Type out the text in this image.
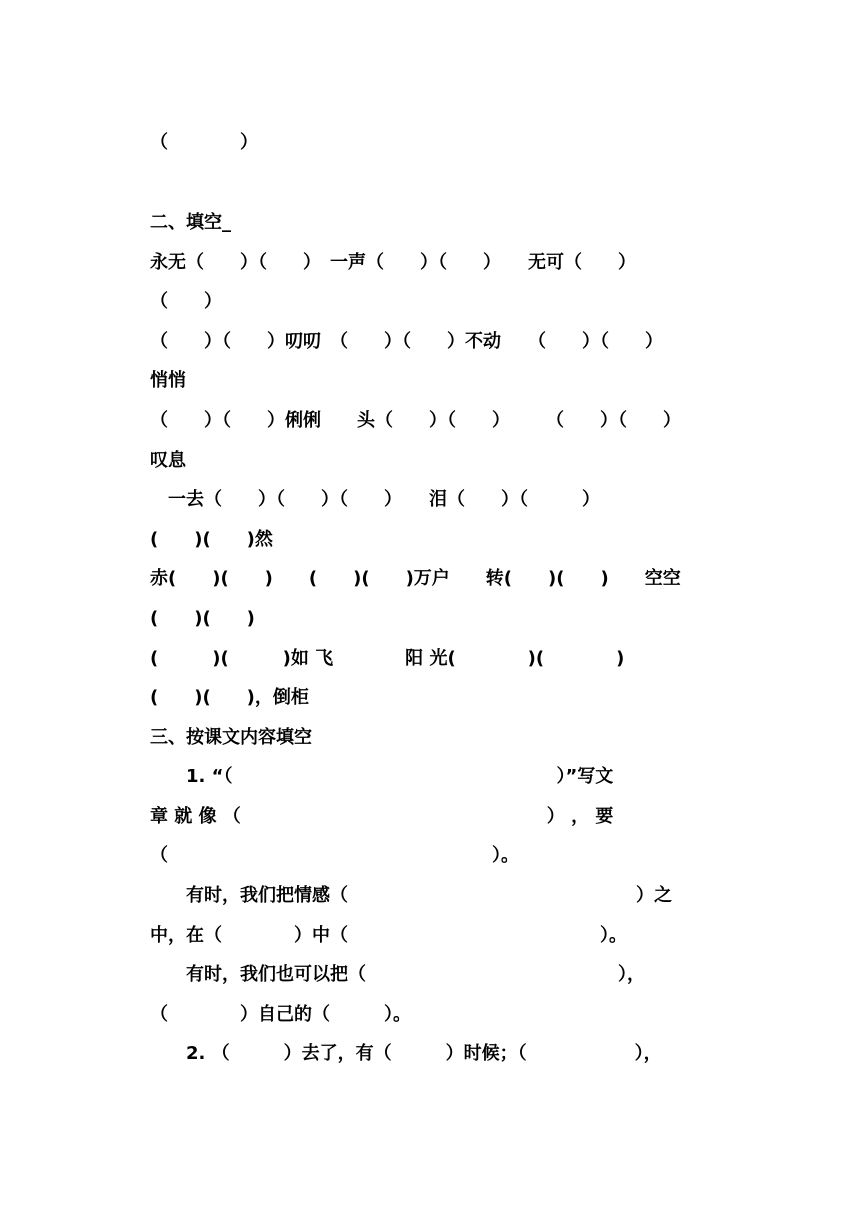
（　　　　）
二、填空_
永无（　　）（　　）　一声（　　）（　　）　　无可（　　）
（　　）
（　　）（　　）叨叨　（　　）（　　）不动　　（　　）（　　）
悄悄
（　　）（　　）俐俐　　头（　　）（　　）　　　（　　）（　　）
叹息
　一去（　　）（　　）（　　）　　泪（　　）（　　　）
(　　)(　　)然
赤(　　)(　　)　　(　　)(　　)万户　　转(　　)(　　)　　空空
(　　)(　　)
(　　　)(　　　)如 飞　　　　阳 光(　　　　)(　　　　)
(　　)(　　)，倒柜
三、按课文内容填空
　　1. “（　　　　　　　　　　　　　　　　　　）”写文
章 就 像 （　　　　　　　　　　　　　　　　　） ， 要
（　　　　　　　　　　　　　　　　　　）。
　　有时，我们把情感（　　　　　　　　　　　　　　　　）之
中，在（　　　　）中（　　　　　　　　　　　　　　）。
　　有时，我们也可以把（　　　　　　　　　　　　　　），
（　　　　）自己的（　　　）。
　　2. （　　　）去了，有（　　　）时候；（　　　　　　），
